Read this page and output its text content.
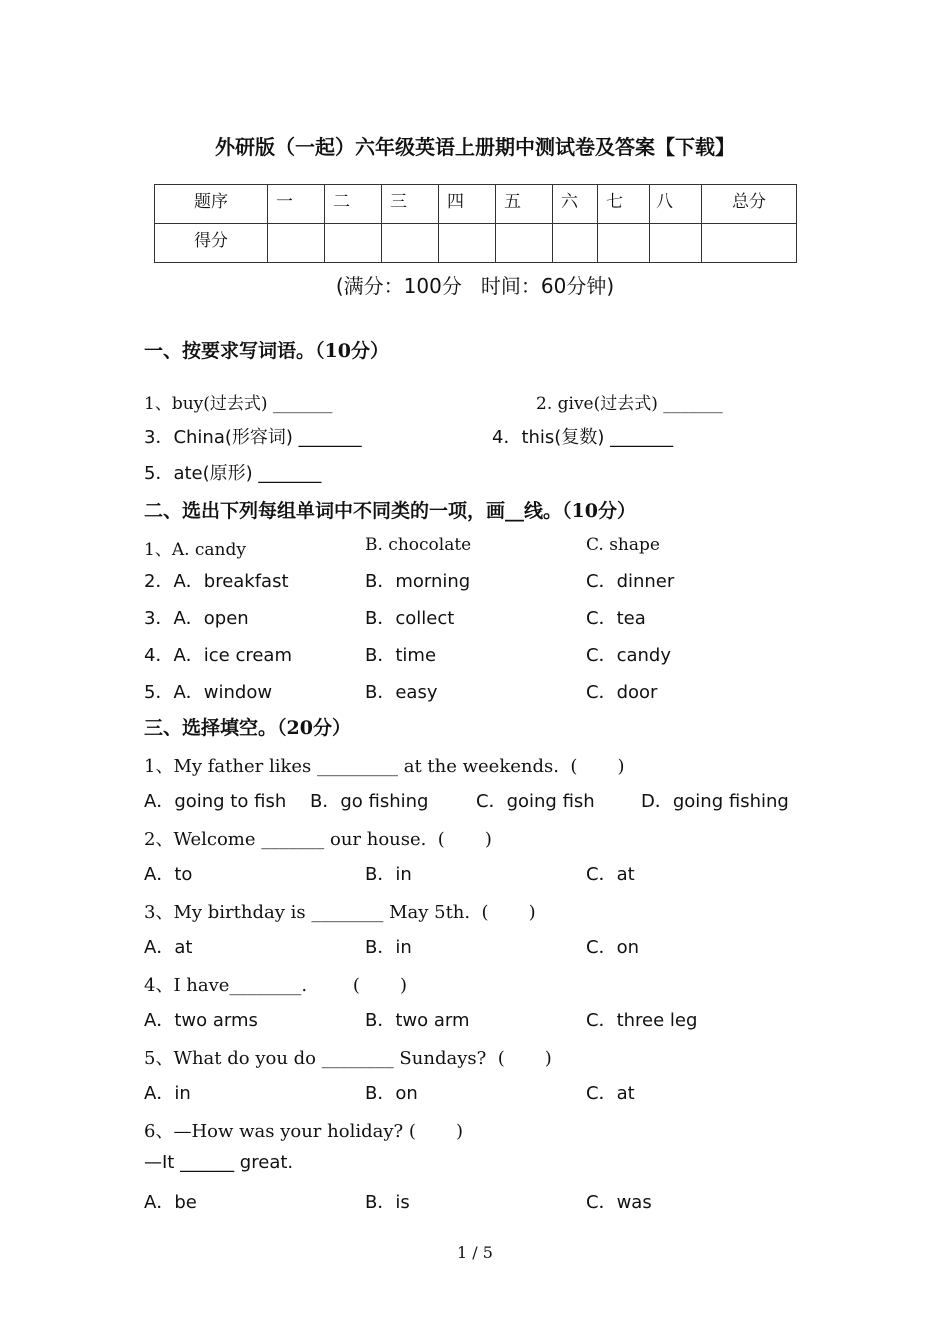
外研版（一起）六年级英语上册期中测试卷及答案【下载】
题序	一	二	三	四	五	六	七	八	总分
得分									
(满分：100分   时间：60分钟)
一、按要求写词语。（10分）
1、buy(过去式) _______	2. give(过去式) _______
3．China(形容词) _______	4．this(复数) _______
5．ate(原形) _______
二、选出下列每组单词中不同类的一项，画__线。（10分）
1、A. candy	B. chocolate	C. shape
2．A．breakfast	B．morning	C．dinner
3．A．open	B．collect	C．tea
4．A．ice cream	B．time	C．candy
5．A．window	B．easy	C．door
三、选择填空。（20分）
1、My father likes _________ at the weekends.  (       )
A．going to fish B．go fishing	C．going fish	D．going fishing
2、Welcome _______ our house.  (       )
A．to	B．in	C．at
3、My birthday is ________ May 5th.  (       )
A．at	B．in	C．on
4、I have________.        (       )
A．two arms	B．two arm	C．three leg
5、What do you do ________ Sundays?  (       )
A．in	B．on	C．at
6、—How was your holiday? (       )
—It ______ great.
A．be	B．is	C．was
1 / 5
